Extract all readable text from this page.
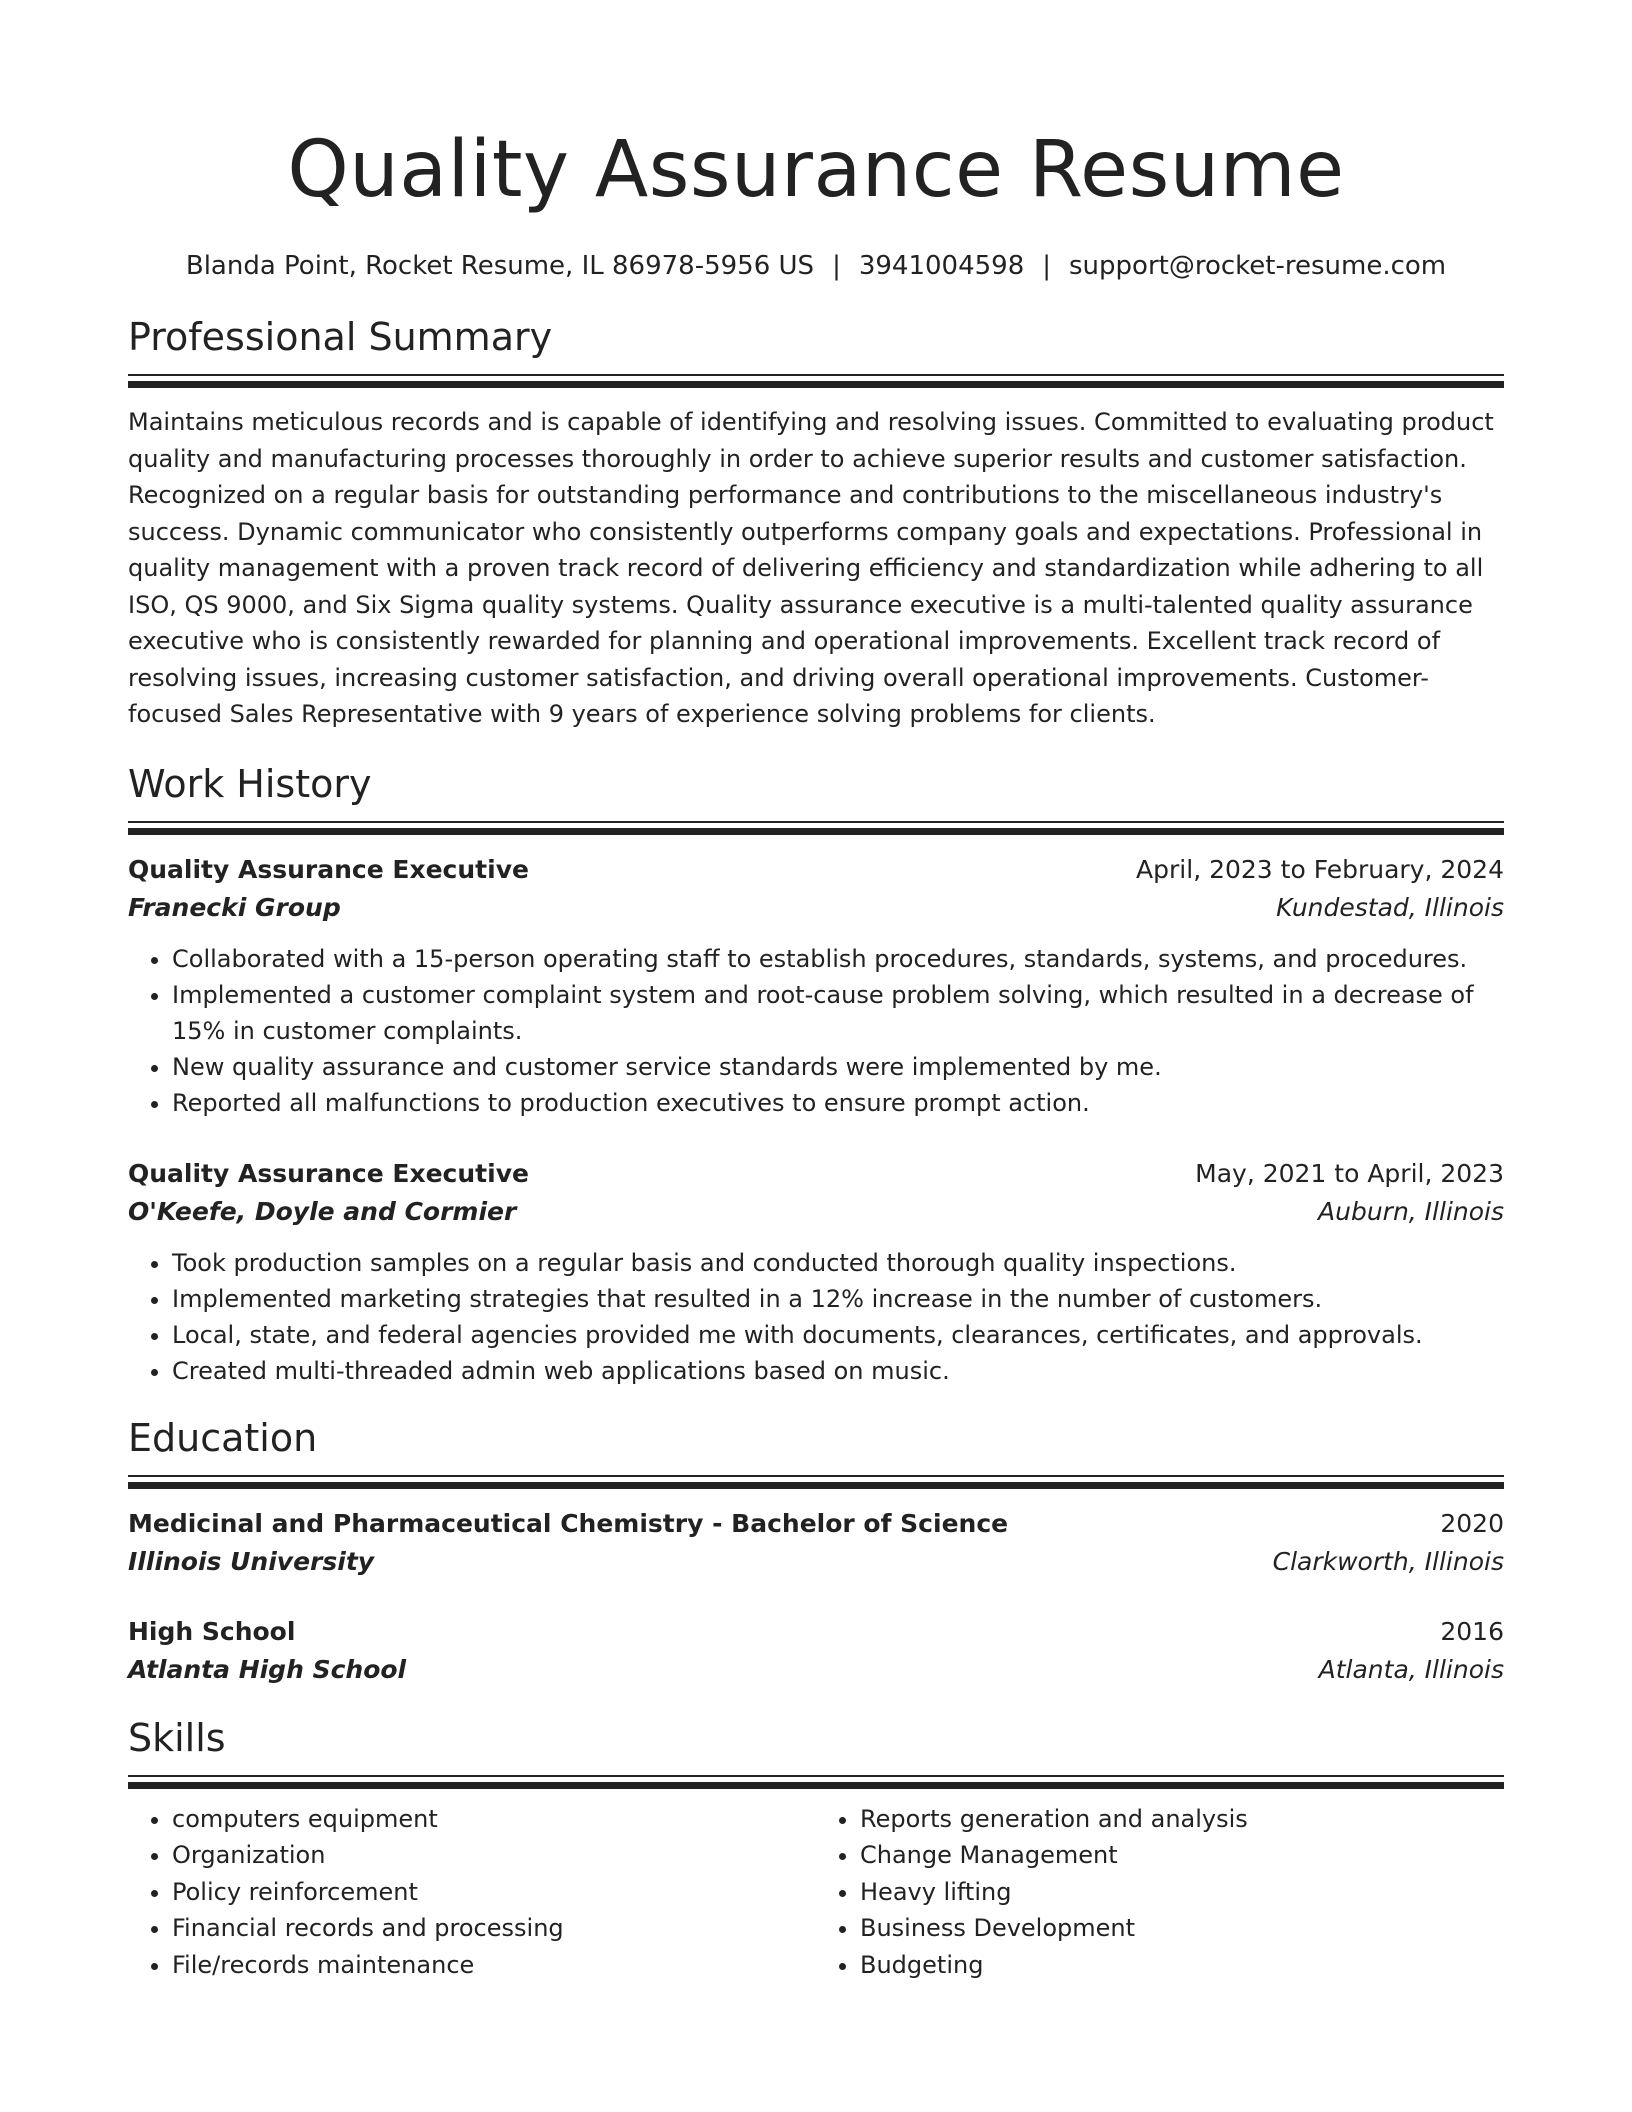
Quality Assurance Resume
Blanda Point, Rocket Resume, IL 86978-5956 US | 3941004598 | support@rocket-resume.com
Professional Summary
Maintains meticulous records and is capable of identifying and resolving issues. Committed to evaluating product quality and manufacturing processes thoroughly in order to achieve superior results and customer satisfaction. Recognized on a regular basis for outstanding performance and contributions to the miscellaneous industry's success. Dynamic communicator who consistently outperforms company goals and expectations. Professional in quality management with a proven track record of delivering efficiency and standardization while adhering to all ISO, QS 9000, and Six Sigma quality systems. Quality assurance executive is a multi-talented quality assurance executive who is consistently rewarded for planning and operational improvements. Excellent track record of resolving issues, increasing customer satisfaction, and driving overall operational improvements. Customer-focused Sales Representative with 9 years of experience solving problems for clients.
Work History
Quality Assurance Executive	April, 2023 to February, 2024
Franecki Group	Kundestad, Illinois
• Collaborated with a 15-person operating staff to establish procedures, standards, systems, and procedures.
• Implemented a customer complaint system and root-cause problem solving, which resulted in a decrease of 15% in customer complaints.
• New quality assurance and customer service standards were implemented by me.
• Reported all malfunctions to production executives to ensure prompt action.
Quality Assurance Executive	May, 2021 to April, 2023
O'Keefe, Doyle and Cormier	Auburn, Illinois
• Took production samples on a regular basis and conducted thorough quality inspections.
• Implemented marketing strategies that resulted in a 12% increase in the number of customers.
• Local, state, and federal agencies provided me with documents, clearances, certificates, and approvals.
• Created multi-threaded admin web applications based on music.
Education
Medicinal and Pharmaceutical Chemistry - Bachelor of Science	2020
Illinois University	Clarkworth, Illinois
High School	2016
Atlanta High School	Atlanta, Illinois
Skills
• computers equipment
• Organization
• Policy reinforcement
• Financial records and processing
• File/records maintenance
• Reports generation and analysis
• Change Management
• Heavy lifting
• Business Development
• Budgeting
